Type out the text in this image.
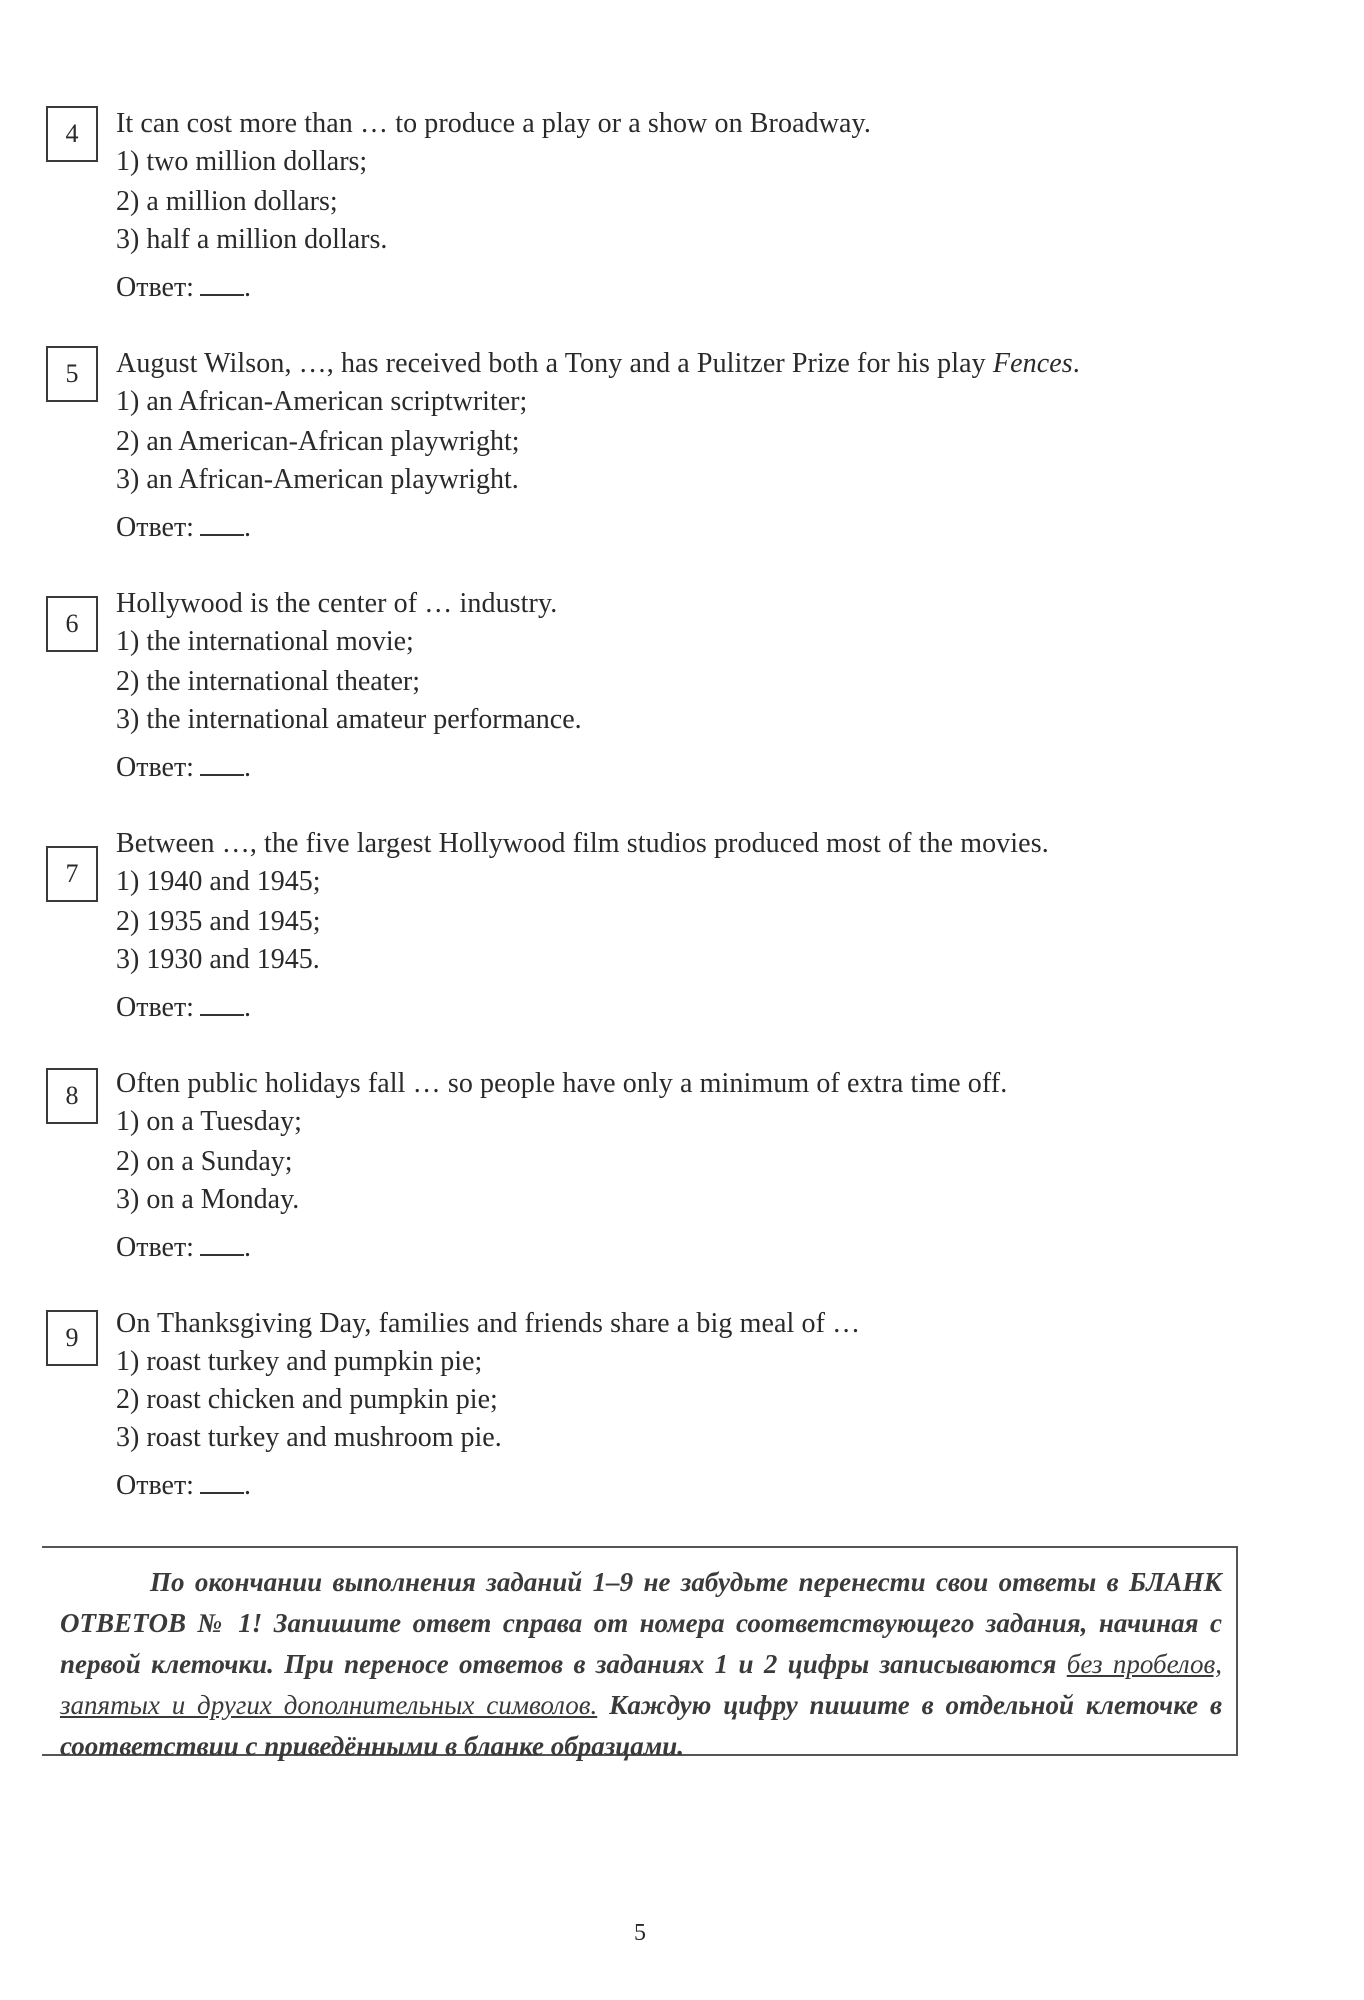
4	It can cost more than … to produce a play or a show on Broadway.
1) two million dollars;
2) a million dollars;
3) half a million dollars.
Ответ: .
5	August Wilson, …, has received both a Tony and a Pulitzer Prize for his play Fences.
1) an African-American scriptwriter;
2) an American-African playwright;
3) an African-American playwright.
Ответ: .
6
Hollywood is the center of … industry.
1) the international movie;
2) the international theater;
3) the international amateur performance.
Ответ: .
7
Between …, the five largest Hollywood film studios produced most of the movies.
1) 1940 and 1945;
2) 1935 and 1945;
3) 1930 and 1945.
Ответ: .
8	Often public holidays fall … so people have only a minimum of extra time off.
1) on a Tuesday;
2) on a Sunday;
3) on a Monday.
Ответ: .
9	On Thanksgiving Day, families and friends share a big meal of …
1) roast turkey and pumpkin pie;
2) roast chicken and pumpkin pie;
3) roast turkey and mushroom pie.
Ответ: .
По окончании выполнения заданий 1–9 не забудьте перенести свои ответы в БЛАНК ОТВЕТОВ № 1! Запишите ответ справа от номера соответствующего задания, начиная с первой клеточки. При переносе ответов в заданиях 1 и 2 цифры записываются без пробелов, запятых и других дополнительных символов. Каждую цифру пишите в отдельной клеточке в соответствии с приведёнными в бланке образцами.
5
